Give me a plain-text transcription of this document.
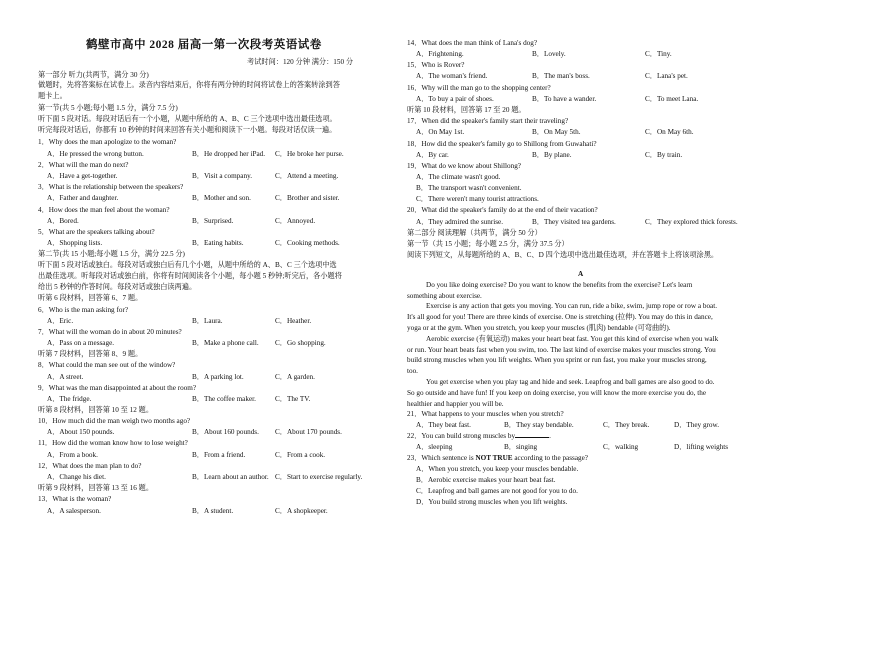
鹤壁市高中 2028 届高一第一次段考英语试卷
考试时间：120 分钟 满分：150 分
第一部分 听力(共两节，满分 30 分)
做题时，先将答案标在试卷上。录音内容结束后，你将有两分钟的时间将试卷上的答案转涂到答
题卡上。
第一节(共 5 小题;每小题 1.5 分，满分 7.5 分)
听下面 5 段对话。每段对话后有一个小题，从题中所给的 A、B、C 三个选项中选出最佳选项。
听完每段对话后，你都有 10 秒钟的时间来回答有关小题和阅读下一小题。每段对话仅读一遍。
1．Why does the man apologize to the woman?
A．He pressed the wrong button.	B．He dropped her iPad. C．He broke her purse.
2．What will the man do next?
A．Have a get-together.	B．Visit a company.	C．Attend a meeting.
3．What is the relationship between the speakers?
A．Father and daughter.	B．Mother and son.	C．Brother and sister.
4．How does the man feel about the woman?
A．Bored.	B．Surprised.	C．Annoyed.
5．What are the speakers talking about?
A．Shopping lists.	B．Eating habits.	C．Cooking methods.
第二节(共 15 小题;每小题 1.5 分，满分 22.5 分)
听下面 5 段对话或独白。每段对话或独白后有几个小题，从题中所给的 A、B、C 三个选项中选
出最佳选项。听每段对话或独白前，你将有时间阅读各个小题，每小题 5 秒钟;听完后，各小题将
给出 5 秒钟的作答时间。每段对话或独白读两遍。
听第 6 段材料，回答第 6、7 题。
6．Who is the man asking for?
A．Eric.	B．Laura.	C．Heather.
7．What will the woman do in about 20 minutes?
A．Pass on a message.	B．Make a phone call. C．Go shopping.
听第 7 段材料，回答第 8、9 题。
8．What could the man see out of the window?
A．A street.	B．A parking lot.	C．A garden.
9．What was the man disappointed at about the room?
A．The fridge.	B．The coffee maker.	C．The TV.
听第 8 段材料，回答第 10 至 12 题。
10．How much did the man weigh two months ago?
A．About 150 pounds.	B．About 160 pounds. C．About 170 pounds.
11．How did the woman know how to lose weight?
A．From a book.	B．From a friend.	C．From a cook.
12．What does the man plan to do?
A．Change his diet.	B．Learn about an author. C．Start to exercise regularly.
听第 9 段材料，回答第 13 至 16 题。
13．What is the woman?
A．A salesperson.	B．A student.	C．A shopkeeper.
14．What does the man think of Lana's dog?
A．Frightening.	B．Lovely.	C．Tiny.
15．Who is Rover?
A．The woman's friend.	B．The man's boss.	C．Lana's pet.
16．Why will the man go to the shopping center?
A．To buy a pair of shoes.	B．To have a wander.	C．To meet Lana.
听第 10 段材料，回答第 17 至 20 题。
17．When did the speaker's family start their traveling?
A．On May 1st.	B．On May 5th.	C．On May 6th.
18．How did the speaker's family go to Shillong from Guwahati?
A．By car.	B．By plane.	C．By train.
19．What do we know about Shillong?
A．The climate wasn't good.
B．The transport wasn't convenient.
C．There weren't many tourist attractions.
20．What did the speaker's family do at the end of their vacation?
A．They admired the sunrise.	B．They visited tea gardens.	C．They explored thick forests.
第二部分 阅读理解（共两节，满分 50 分）
第一节（共 15 小题；每小题 2.5 分，满分 37.5 分）
阅读下列短文，从每题所给的 A、B、C、D 四个选项中选出最佳选项，并在答题卡上将该项涂黑。
A
Do you like doing exercise? Do you want to know the benefits from the exercise? Let's learn
something about exercise.
Exercise is any action that gets you moving. You can run, ride a bike, swim, jump rope or row a boat.
It's all good for you! There are three kinds of exercise. One is stretching (拉伸). You may do this in dance,
yoga or at the gym. When you stretch, you keep your muscles (肌肉) bendable (可弯曲的).
Aerobic exercise (有氧运动) makes your heart beat fast. You get this kind of exercise when you walk
or run. Your heart beats fast when you swim, too. The last kind of exercise makes your muscles strong. You
build strong muscles when you lift weights. When you sprint or run fast, you make your muscles strong,
too.
You get exercise when you play tag and hide and seek. Leapfrog and ball games are also good to do.
So go outside and have fun! If you keep on doing exercise, you will know the more exercise you do, the
healthier and happier you will be.
21．What happens to your muscles when you stretch?
A．They beat fast.	B．They stay bendable.	C．They break.	D．They grow.
22．You can build strong muscles by	.
A．sleeping	B．singing	C．walking	D．lifting weights
23．Which sentence is NOT TRUE according to the passage?
A．When you stretch, you keep your muscles bendable.
B．Aerobic exercise makes your heart beat fast.
C．Leapfrog and ball games are not good for you to do.
D．You build strong muscles when you lift weights.
